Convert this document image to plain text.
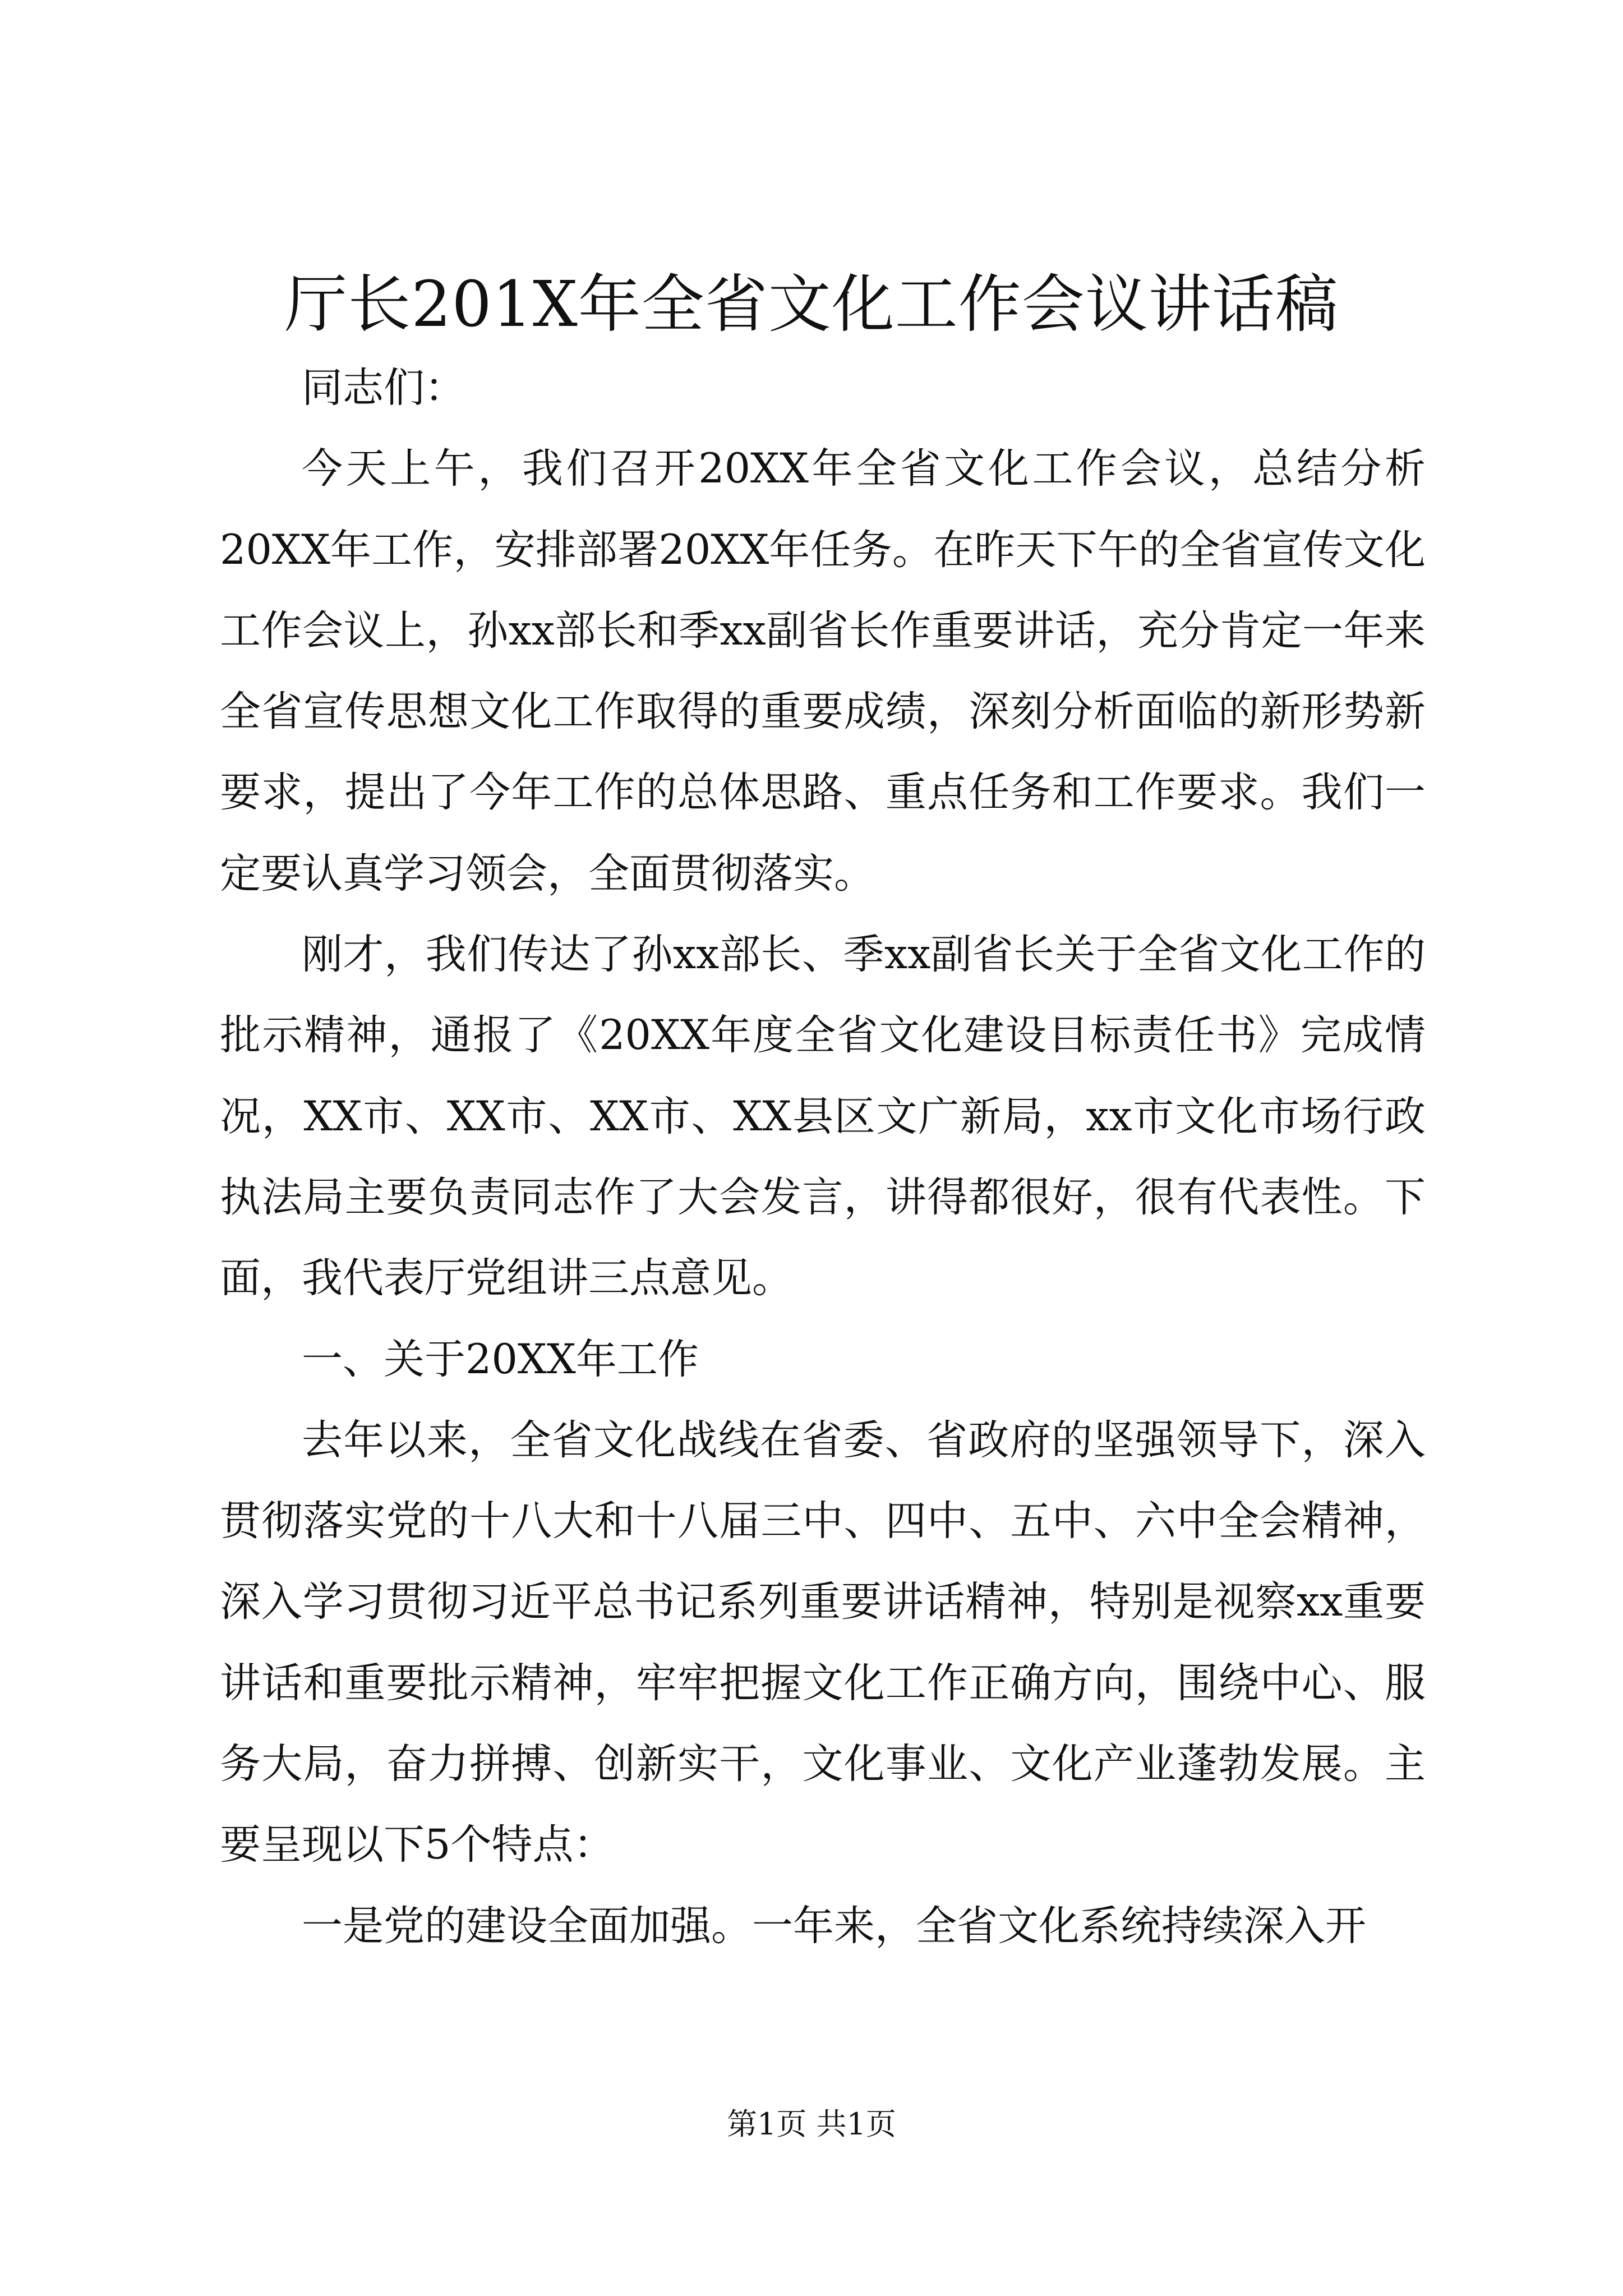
厅长201X年全省文化工作会议讲话稿

同志们：

今天上午，我们召开20XX年全省文化工作会议，总结分析20XX年工作，安排部署20XX年任务。在昨天下午的全省宣传文化工作会议上，孙xx部长和季xx副省长作重要讲话，充分肯定一年来全省宣传思想文化工作取得的重要成绩，深刻分析面临的新形势新要求，提出了今年工作的总体思路、重点任务和工作要求。我们一定要认真学习领会，全面贯彻落实。

刚才，我们传达了孙xx部长、季xx副省长关于全省文化工作的批示精神，通报了《20XX年度全省文化建设目标责任书》完成情况，XX市、XX市、XX市、XX县区文广新局，xx市文化市场行政执法局主要负责同志作了大会发言，讲得都很好，很有代表性。下面，我代表厅党组讲三点意见。

一、关于20XX年工作

去年以来，全省文化战线在省委、省政府的坚强领导下，深入贯彻落实党的十八大和十八届三中、四中、五中、六中全会精神，深入学习贯彻习近平总书记系列重要讲话精神，特别是视察xx重要讲话和重要批示精神，牢牢把握文化工作正确方向，围绕中心、服务大局，奋力拼搏、创新实干，文化事业、文化产业蓬勃发展。主要呈现以下5个特点：

一是党的建设全面加强。一年来，全省文化系统持续深入开

第1页 共1页
